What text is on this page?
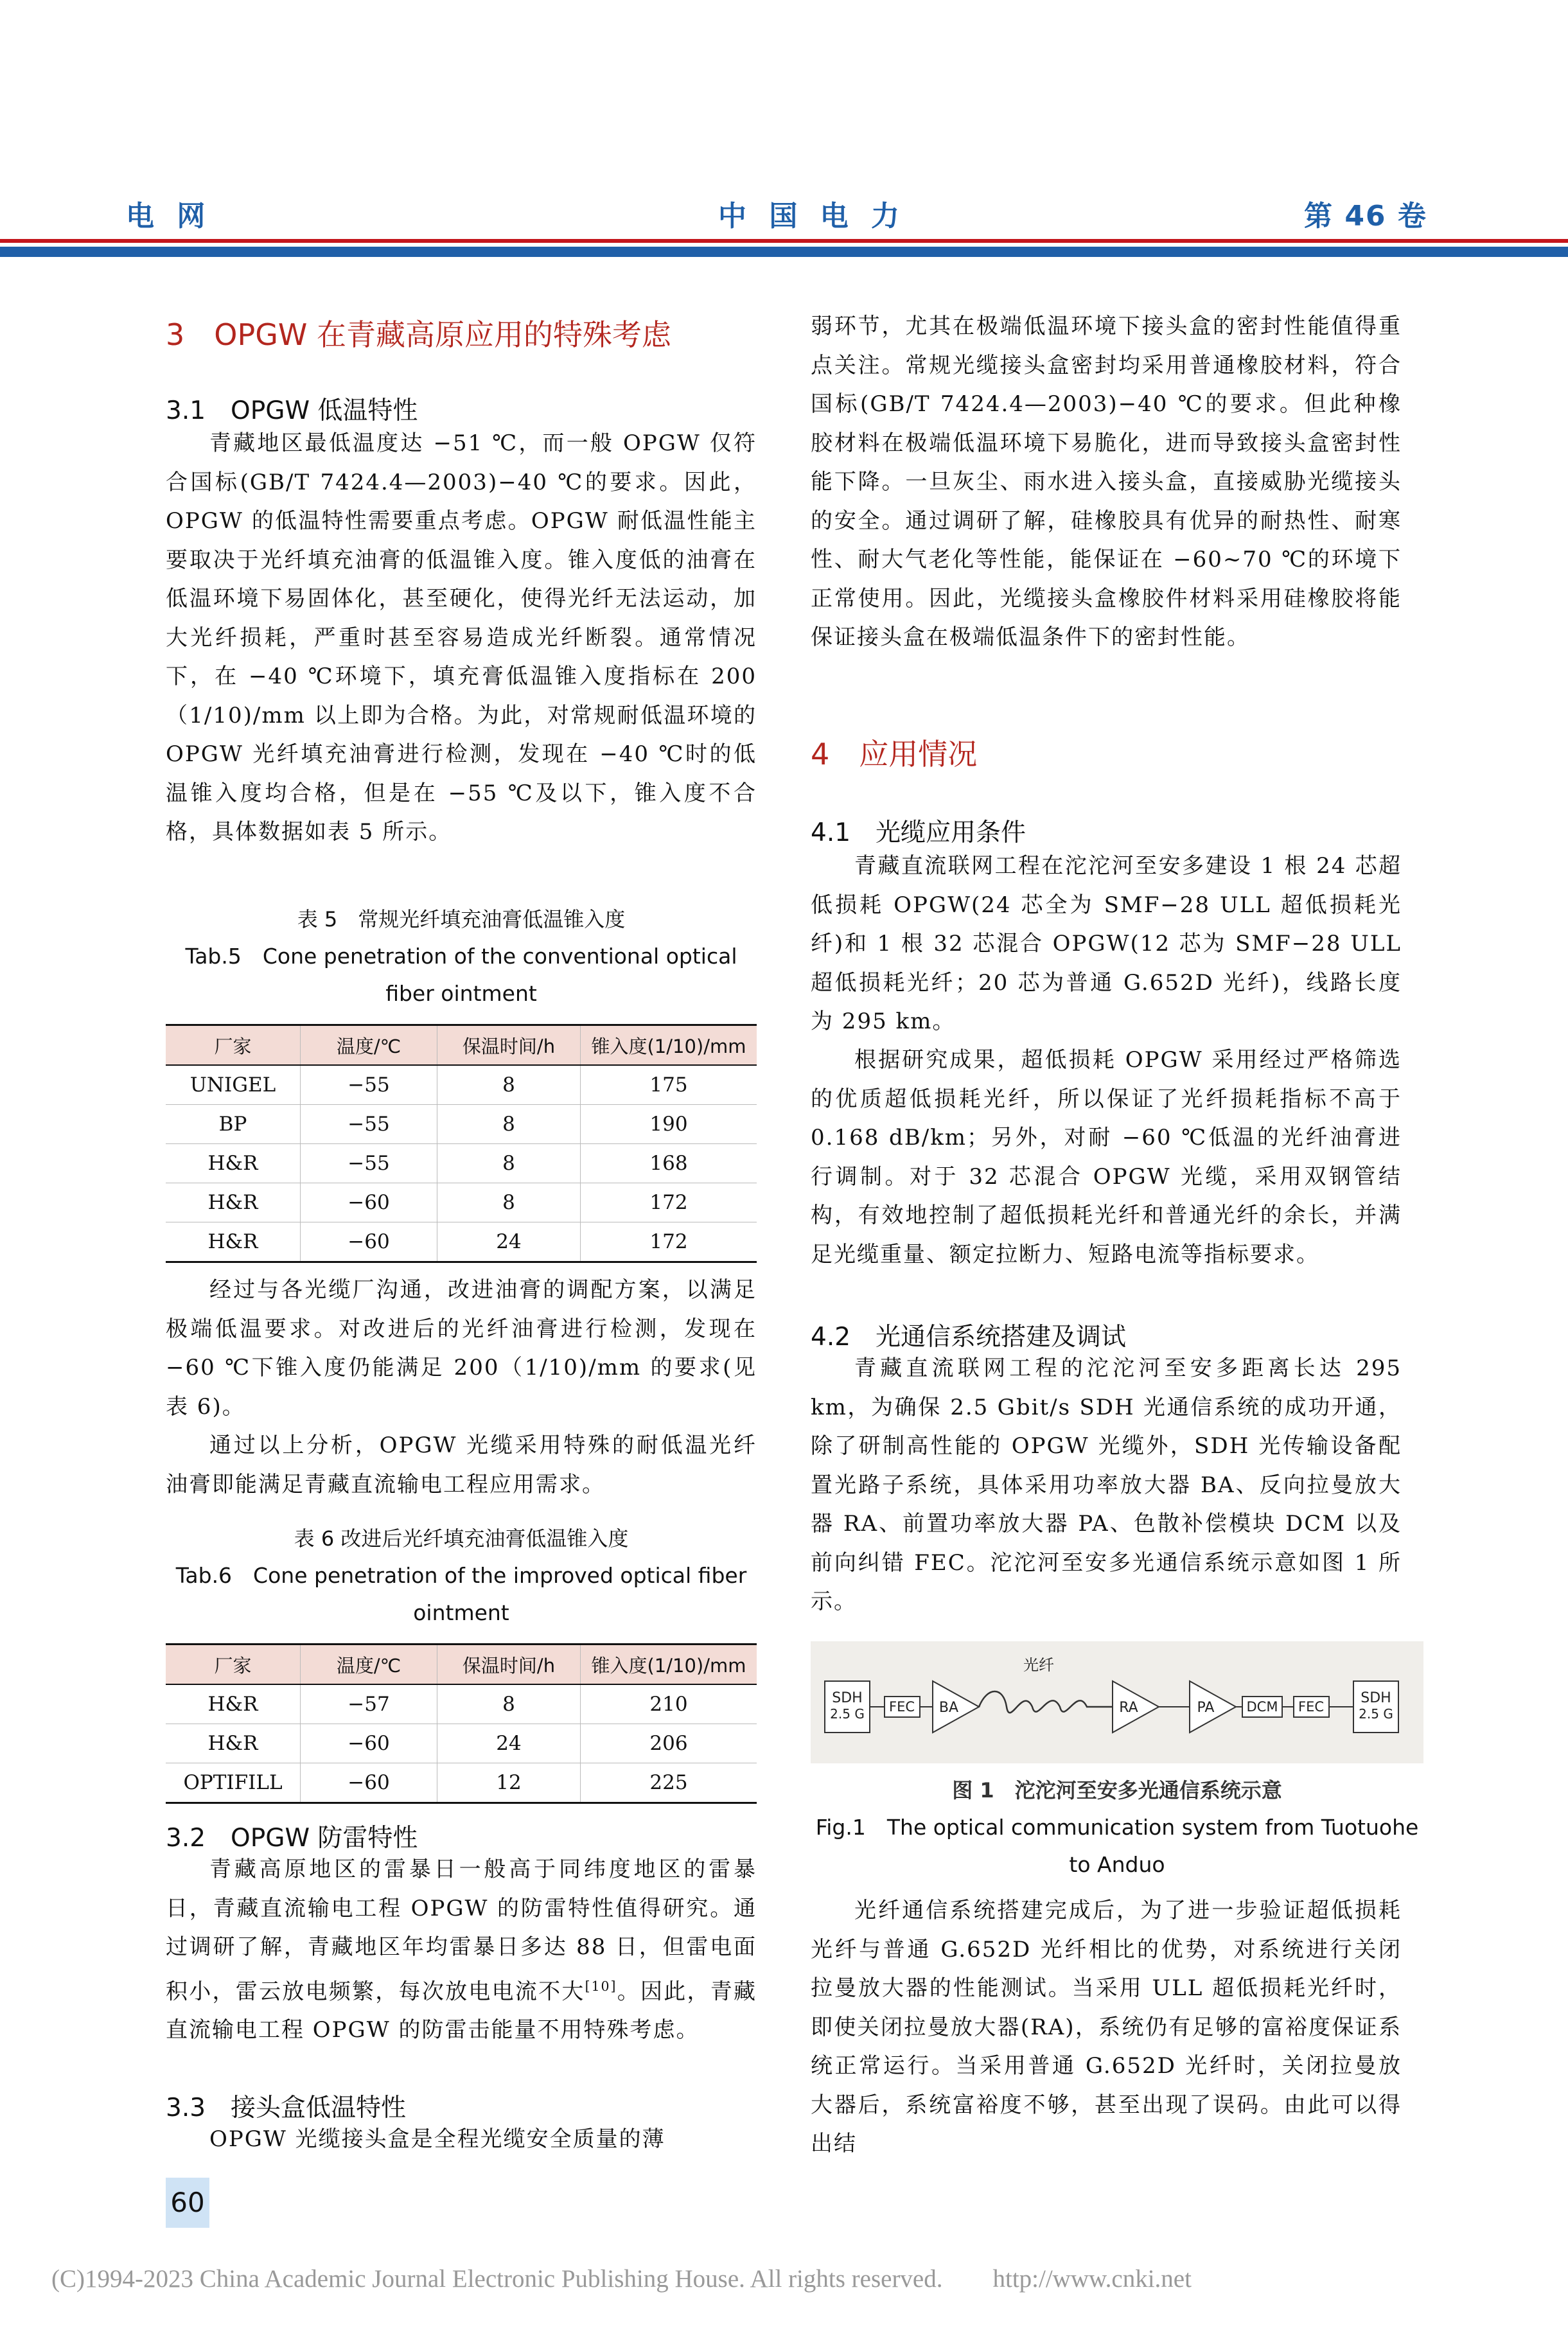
电 网	中 国 电 力	第 46 卷
3　OPGW 在青藏高原应用的特殊考虑
3.1　OPGW 低温特性

青藏地区最低温度达 −51 ℃，而一般 OPGW 仅符合国标(GB/T 7424.4—2003)−40 ℃的要求。因此，OPGW 的低温特性需要重点考虑。OPGW 耐低温性能主要取决于光纤填充油膏的低温锥入度。锥入度低的油膏在低温环境下易固体化，甚至硬化，使得光纤无法运动，加大光纤损耗，严重时甚至容易造成光纤断裂。通常情况下，在 −40 ℃环境下，填充膏低温锥入度指标在 200（1/10)/mm 以上即为合格。为此，对常规耐低温环境的 OPGW 光纤填充油膏进行检测，发现在 −40 ℃时的低温锥入度均合格，但是在 −55 ℃及以下，锥入度不合格，具体数据如表 5 所示。

表 5　常规光纤填充油膏低温锥入度
Tab.5　Cone penetration of the conventional optical fiber ointment
厂家	温度/℃	保温时间/h	锥入度(1/10)/mm
UNIGEL	−55	8	175
BP	−55	8	190
H&R	−55	8	168
H&R	−60	8	172
H&R	−60	24	172

经过与各光缆厂沟通，改进油膏的调配方案，以满足极端低温要求。对改进后的光纤油膏进行检测，发现在 −60 ℃下锥入度仍能满足 200（1/10)/mm 的要求(见表 6)。

通过以上分析，OPGW 光缆采用特殊的耐低温光纤油膏即能满足青藏直流输电工程应用需求。

表 6 改进后光纤填充油膏低温锥入度
Tab.6　Cone penetration of the improved optical fiber ointment
厂家	温度/℃	保温时间/h	锥入度(1/10)/mm
H&R	−57	8	210
H&R	−60	24	206
OPTIFILL	−60	12	225
3.2　OPGW 防雷特性

青藏高原地区的雷暴日一般高于同纬度地区的雷暴日，青藏直流输电工程 OPGW 的防雷特性值得研究。通过调研了解，青藏地区年均雷暴日多达 88 日，但雷电面积小，雷云放电频繁，每次放电电流不大[10]。因此，青藏直流输电工程 OPGW 的防雷击能量不用特殊考虑。

3.3　接头盒低温特性

OPGW 光缆接头盒是全程光缆安全质量的薄

弱环节，尤其在极端低温环境下接头盒的密封性能值得重点关注。常规光缆接头盒密封均采用普通橡胶材料，符合国标(GB/T 7424.4—2003)−40 ℃的要求。但此种橡胶材料在极端低温环境下易脆化，进而导致接头盒密封性能下降。一旦灰尘、雨水进入接头盒，直接威胁光缆接头的安全。通过调研了解，硅橡胶具有优异的耐热性、耐寒性、耐大气老化等性能，能保证在 −60~70 ℃的环境下正常使用。因此，光缆接头盒橡胶件材料采用硅橡胶将能保证接头盒在极端低温条件下的密封性能。

4　应用情况
4.1　光缆应用条件

青藏直流联网工程在沱沱河至安多建设 1 根 24 芯超低损耗 OPGW(24 芯全为 SMF−28 ULL 超低损耗光纤)和 1 根 32 芯混合 OPGW(12 芯为 SMF−28 ULL 超低损耗光纤；20 芯为普通 G.652D 光纤)，线路长度为 295 km。

根据研究成果，超低损耗 OPGW 采用经过严格筛选的优质超低损耗光纤，所以保证了光纤损耗指标不高于 0.168 dB/km；另外，对耐 −60 ℃低温的光纤油膏进行调制。对于 32 芯混合 OPGW 光缆，采用双钢管结构，有效地控制了超低损耗光纤和普通光纤的余长，并满足光缆重量、额定拉断力、短路电流等指标要求。

4.2　光通信系统搭建及调试

青藏直流联网工程的沱沱河至安多距离长达 295 km，为确保 2.5 Gbit/s SDH 光通信系统的成功开通，除了研制高性能的 OPGW 光缆外，SDH 光传输设备配置光路子系统，具体采用功率放大器 BA、反向拉曼放大器 RA、前置功率放大器 PA、色散补偿模块 DCM 以及前向纠错 FEC。沱沱河至安多光通信系统示意如图 1 所示。

SDH
2.5 G FEC BA
光纤
RA	PA DCM FEC
SDH
2.5 G
图 1　沱沱河至安多光通信系统示意
Fig.1　The optical communication system from Tuotuohe to Anduo

光纤通信系统搭建完成后，为了进一步验证超低损耗光纤与普通 G.652D 光纤相比的优势，对系统进行关闭拉曼放大器的性能测试。当采用 ULL 超低损耗光纤时，即使关闭拉曼放大器(RA)，系统仍有足够的富裕度保证系统正常运行。当采用普通 G.652D 光纤时，关闭拉曼放大器后，系统富裕度不够，甚至出现了误码。由此可以得出结

60
(C)1994-2023 China Academic Journal Electronic Publishing House. All rights reserved.　　http://www.cnki.net
